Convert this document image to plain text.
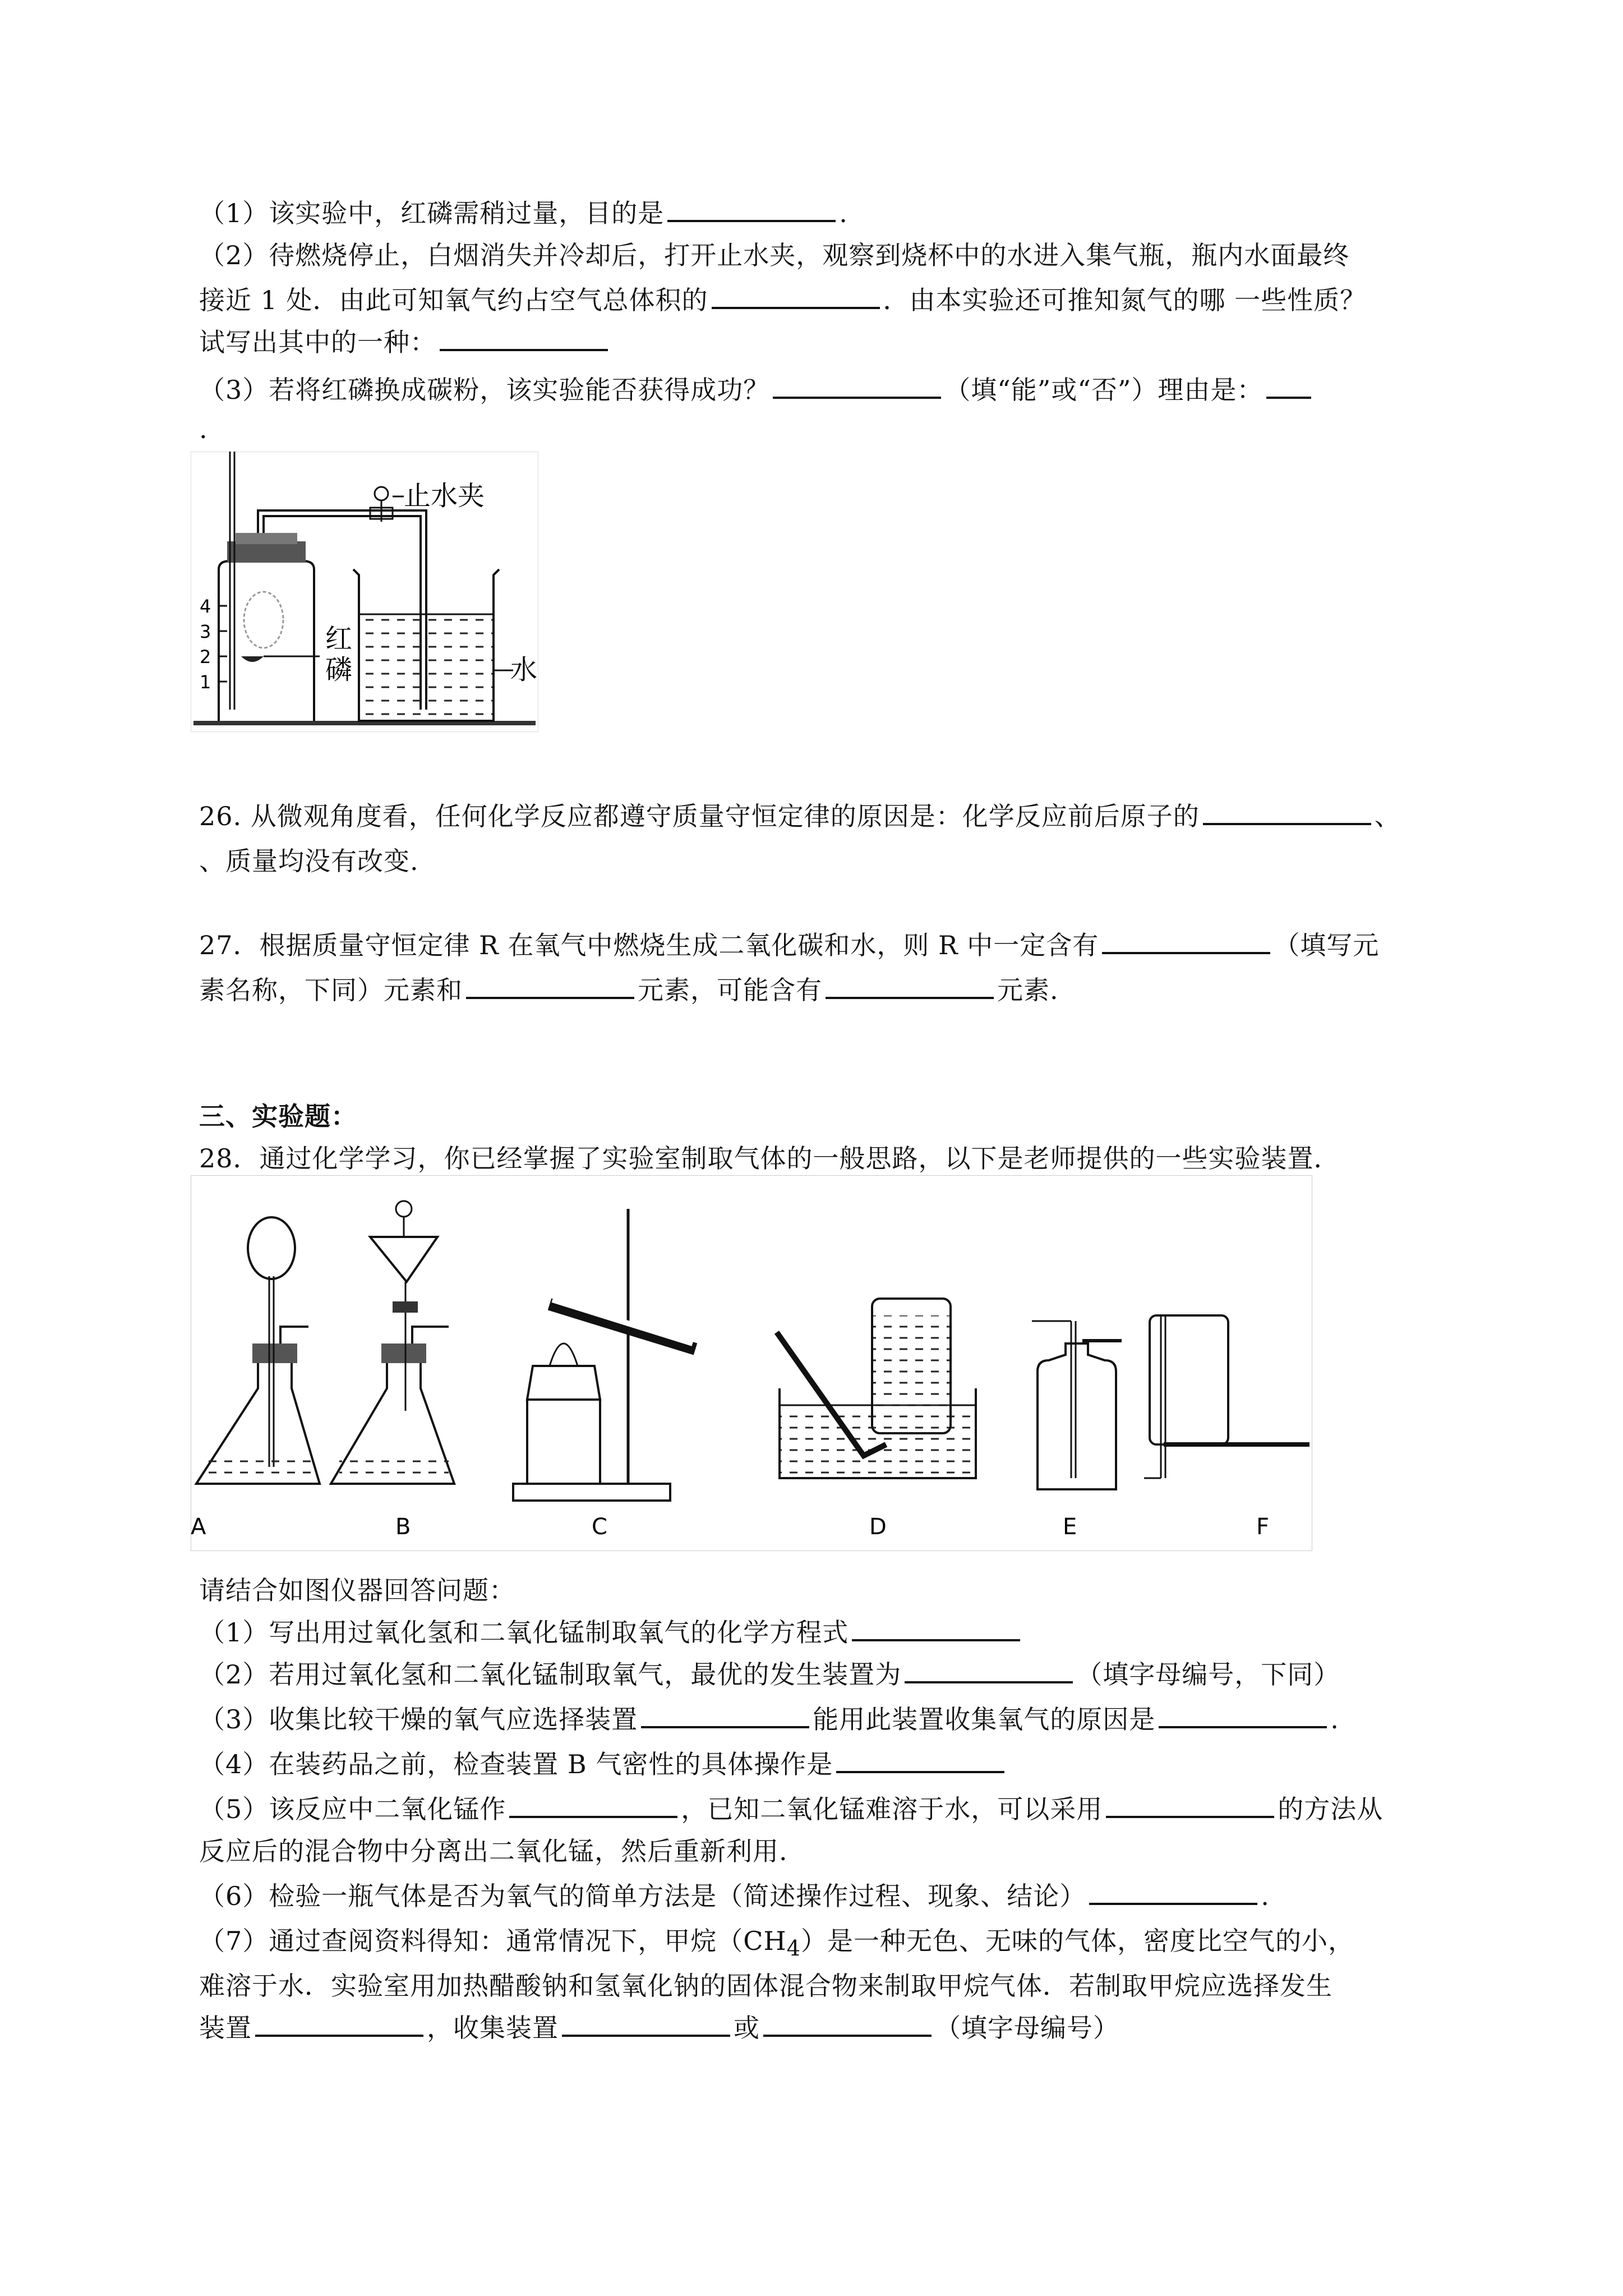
（1）该实验中，红磷需稍过量，目的是	.
（2）待燃烧停止，白烟消失并冷却后，打开止水夹，观察到烧杯中的水进入集气瓶，瓶内水面最终
接近 1 处．由此可知氧气约占空气总体积的	．由本实验还可推知氮气的哪 一些性质？
试写出其中的一种：
（3）若将红磷换成碳粉，该实验能否获得成功？	（填“能”或“否”）理由是：
.
4
3
2
1
止水夹
水
红
磷
26. 从微观角度看，任何化学反应都遵守质量守恒定律的原因是：化学反应前后原子的	、
、质量均没有改变.
27．根据质量守恒定律 R 在氧气中燃烧生成二氧化碳和水，则 R 中一定含有	（填写元
素名称，下同）元素和	元素，可能含有	元素.
三、实验题：
28．通过化学学习，你已经掌握了实验室制取气体的一般思路，以下是老师提供的一些实验装置．
A	B	C	D	E	F
请结合如图仪器回答问题：
（1）写出用过氧化氢和二氧化锰制取氧气的化学方程式
（2）若用过氧化氢和二氧化锰制取氧气，最优的发生装置为	（填字母编号，下同）
（3）收集比较干燥的氧气应选择装置	能用此装置收集氧气的原因是	.
（4）在装药品之前，检查装置 B 气密性的具体操作是
（5）该反应中二氧化锰作	，已知二氧化锰难溶于水，可以采用	的方法从
反应后的混合物中分离出二氧化锰，然后重新利用.
（6）检验一瓶气体是否为氧气的简单方法是（简述操作过程、现象、结论）	.
（7）通过查阅资料得知：通常情况下，甲烷$(CH_4)$是一种无色、无味的气体，密度比空气的小，
难溶于水．实验室用加热醋酸钠和氢氧化钠的固体混合物来制取甲烷气体．若制取甲烷应选择发生
装置	，收集装置	或	（填字母编号）
